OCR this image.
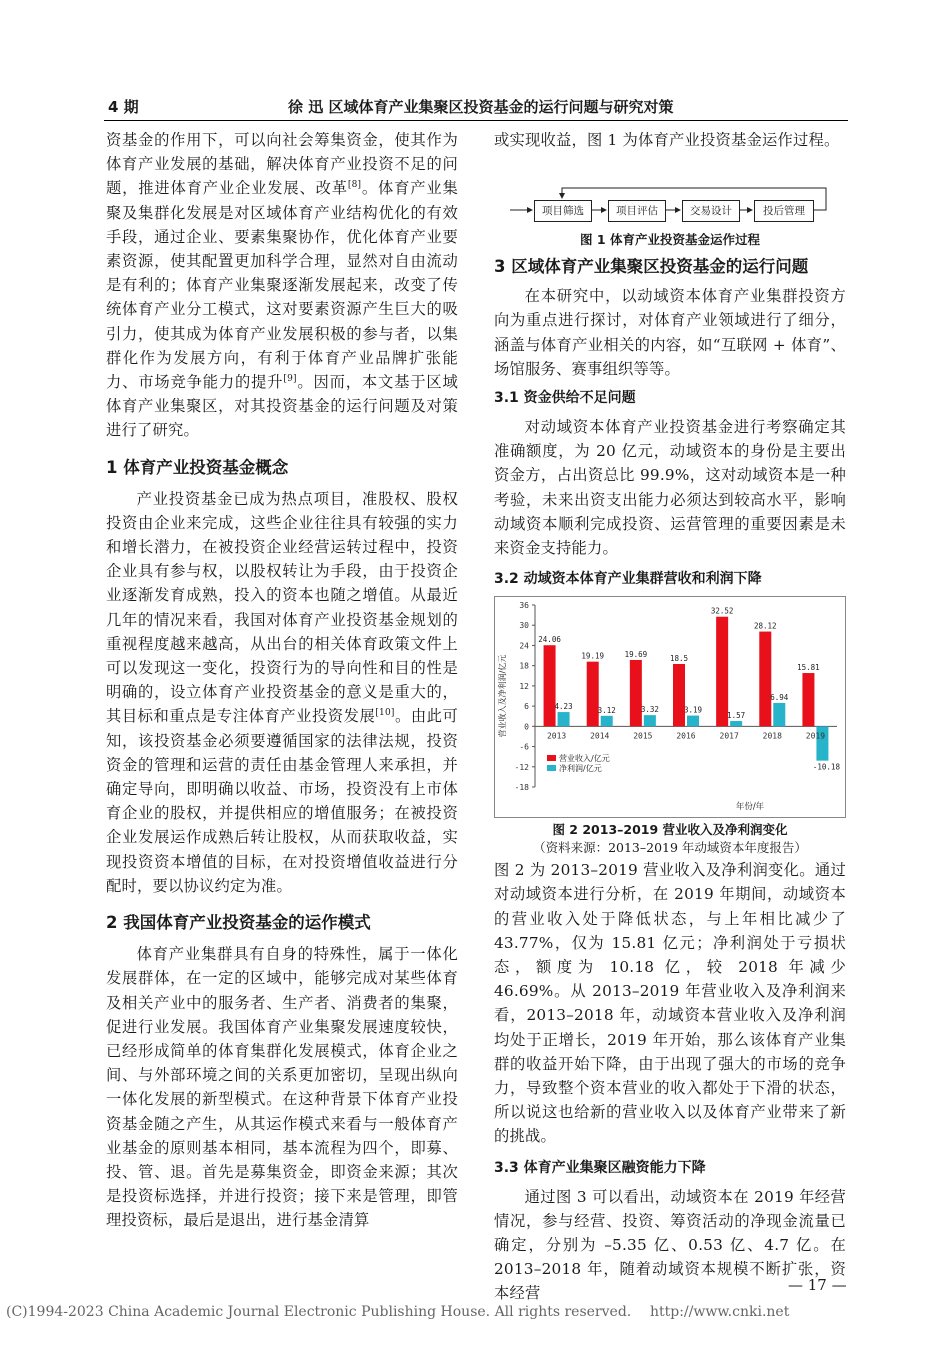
4 期	徐 迅 区域体育产业集聚区投资基金的运行问题与研究对策

资基金的作用下，可以向社会筹集资金，使其作为体育产业发展的基础，解决体育产业投资不足的问题，推进体育产业企业发展、改革[8]。体育产业集聚及集群化发展是对区域体育产业结构优化的有效手段，通过企业、要素集聚协作，优化体育产业要素资源，使其配置更加科学合理，显然对自由流动是有利的；体育产业集聚逐渐发展起来，改变了传统体育产业分工模式，这对要素资源产生巨大的吸引力，使其成为体育产业发展积极的参与者，以集群化作为发展方向，有利于体育产业品牌扩张能力、市场竞争能力的提升[9]。因而，本文基于区域体育产业集聚区，对其投资基金的运行问题及对策进行了研究。

1 体育产业投资基金概念

产业投资基金已成为热点项目，准股权、股权投资由企业来完成，这些企业往往具有较强的实力和增长潜力，在被投资企业经营运转过程中，投资企业具有参与权，以股权转让为手段，由于投资企业逐渐发育成熟，投入的资本也随之增值。从最近几年的情况来看，我国对体育产业投资基金规划的重视程度越来越高，从出台的相关体育政策文件上可以发现这一变化，投资行为的导向性和目的性是明确的，设立体育产业投资基金的意义是重大的，其目标和重点是专注体育产业投资发展[10]。由此可知，该投资基金必须要遵循国家的法律法规，投资资金的管理和运营的责任由基金管理人来承担，并确定导向，即明确以收益、市场，投资没有上市体育企业的股权，并提供相应的增值服务；在被投资企业发展运作成熟后转让股权，从而获取收益，实现投资资本增值的目标，在对投资增值收益进行分配时，要以协议约定为准。

2 我国体育产业投资基金的运作模式

体育产业集群具有自身的特殊性，属于一体化发展群体，在一定的区域中，能够完成对某些体育及相关产业中的服务者、生产者、消费者的集聚，促进行业发展。我国体育产业集聚发展速度较快，已经形成简单的体育集群化发展模式，体育企业之间、与外部环境之间的关系更加密切，呈现出纵向一体化发展的新型模式。在这种背景下体育产业投资基金随之产生，从其运作模式来看与一般体育产业基金的原则基本相同，基本流程为四个，即募、投、管、退。首先是募集资金，即资金来源；其次是投资标选择，并进行投资；接下来是管理，即管理投资标，最后是退出，进行基金清算

或实现收益，图 1 为体育产业投资基金运作过程。

项目筛选	项目评估	交易设计	投后管理
图 1 体育产业投资基金运作过程
3 区域体育产业集聚区投资基金的运行问题

在本研究中，以动域资本体育产业集群投资方向为重点进行探讨，对体育产业领域进行了细分，涵盖与体育产业相关的内容，如“互联网 + 体育”、场馆服务、赛事组织等等。

3.1 资金供给不足问题

对动域资本体育产业投资基金进行考察确定其准确额度，为 20 亿元，动域资本的身份是主要出资金方，占出资总比 99.9%，这对动域资本是一种考验，未来出资支出能力必须达到较高水平，影响动域资本顺利完成投资、运营管理的重要因素是未来资金支持能力。

3.2 动域资本体育产业集群营收和利润下降
36
30
24
18
12
6
0
-6
-12
-18
24.06
4.23
2013
19.19
3.12
2014
19.69
3.32
2015
18.5
3.19
2016
32.52
1.57
2017
28.12
6.94
2018
15.81
-10.18
2019
营业收入及净利润/亿元
年份/年
营业收入/亿元
净利润/亿元
图 2 2013–2019 营业收入及净利润变化
（资料来源：2013–2019 年动域资本年度报告）

图 2 为 2013–2019 营业收入及净利润变化。通过对动域资本进行分析，在 2019 年期间，动域资本的营业收入处于降低状态，与上年相比减少了 43.77%，仅为 15.81 亿元；净利润处于亏损状态，额度为 10.18 亿，较 2018 年减少 46.69%。从 2013–2019 年营业收入及净利润来看，2013–2018 年，动域资本营业收入及净利润均处于正增长，2019 年开始，那么该体育产业集群的收益开始下降，由于出现了强大的市场的竞争力，导致整个资本营业的收入都处于下滑的状态，所以说这也给新的营业收入以及体育产业带来了新的挑战。

3.3 体育产业集聚区融资能力下降

通过图 3 可以看出，动域资本在 2019 年经营情况，参与经营、投资、筹资活动的净现金流量已确定，分别为 –5.35 亿、0.53 亿、4.7 亿。在 2013–2018 年，随着动域资本规模不断扩张，资本经营	— 17 —
(C)1994-2023 China Academic Journal Electronic Publishing House. All rights reserved. http://www.cnki.net
